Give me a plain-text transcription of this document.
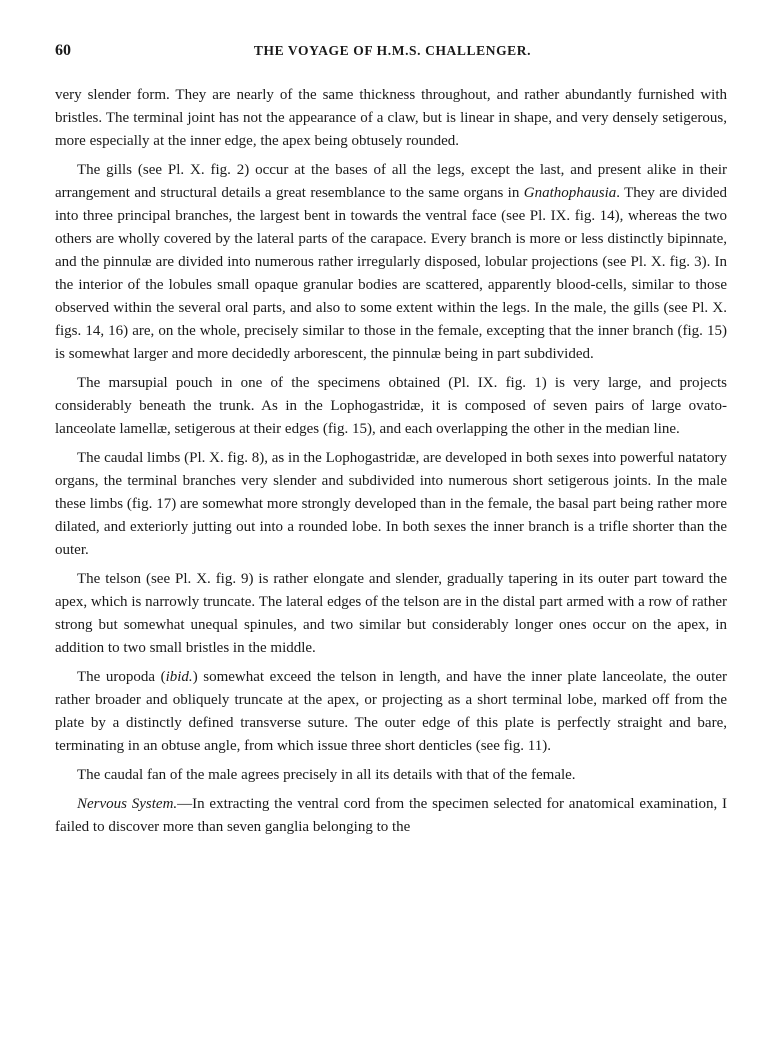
60	THE VOYAGE OF H.M.S. CHALLENGER.

very slender form. They are nearly of the same thickness throughout, and rather abundantly furnished with bristles. The terminal joint has not the appearance of a claw, but is linear in shape, and very densely setigerous, more especially at the inner edge, the apex being obtusely rounded.

The gills (see Pl. X. fig. 2) occur at the bases of all the legs, except the last, and present alike in their arrangement and structural details a great resemblance to the same organs in Gnathophausia. They are divided into three principal branches, the largest bent in towards the ventral face (see Pl. IX. fig. 14), whereas the two others are wholly covered by the lateral parts of the carapace. Every branch is more or less distinctly bipinnate, and the pinnulæ are divided into numerous rather irregularly disposed, lobular projections (see Pl. X. fig. 3). In the interior of the lobules small opaque granular bodies are scattered, apparently blood-cells, similar to those observed within the several oral parts, and also to some extent within the legs. In the male, the gills (see Pl. X. figs. 14, 16) are, on the whole, precisely similar to those in the female, excepting that the inner branch (fig. 15) is somewhat larger and more decidedly arborescent, the pinnulæ being in part subdivided.

The marsupial pouch in one of the specimens obtained (Pl. IX. fig. 1) is very large, and projects considerably beneath the trunk. As in the Lophogastridæ, it is composed of seven pairs of large ovato-lanceolate lamellæ, setigerous at their edges (fig. 15), and each overlapping the other in the median line.

The caudal limbs (Pl. X. fig. 8), as in the Lophogastridæ, are developed in both sexes into powerful natatory organs, the terminal branches very slender and subdivided into numerous short setigerous joints. In the male these limbs (fig. 17) are somewhat more strongly developed than in the female, the basal part being rather more dilated, and exteriorly jutting out into a rounded lobe. In both sexes the inner branch is a trifle shorter than the outer.

The telson (see Pl. X. fig. 9) is rather elongate and slender, gradually tapering in its outer part toward the apex, which is narrowly truncate. The lateral edges of the telson are in the distal part armed with a row of rather strong but somewhat unequal spinules, and two similar but considerably longer ones occur on the apex, in addition to two small bristles in the middle.

The uropoda (ibid.) somewhat exceed the telson in length, and have the inner plate lanceolate, the outer rather broader and obliquely truncate at the apex, or projecting as a short terminal lobe, marked off from the plate by a distinctly defined transverse suture. The outer edge of this plate is perfectly straight and bare, terminating in an obtuse angle, from which issue three short denticles (see fig. 11).

The caudal fan of the male agrees precisely in all its details with that of the female.

Nervous System.—In extracting the ventral cord from the specimen selected for anatomical examination, I failed to discover more than seven ganglia belonging to the
